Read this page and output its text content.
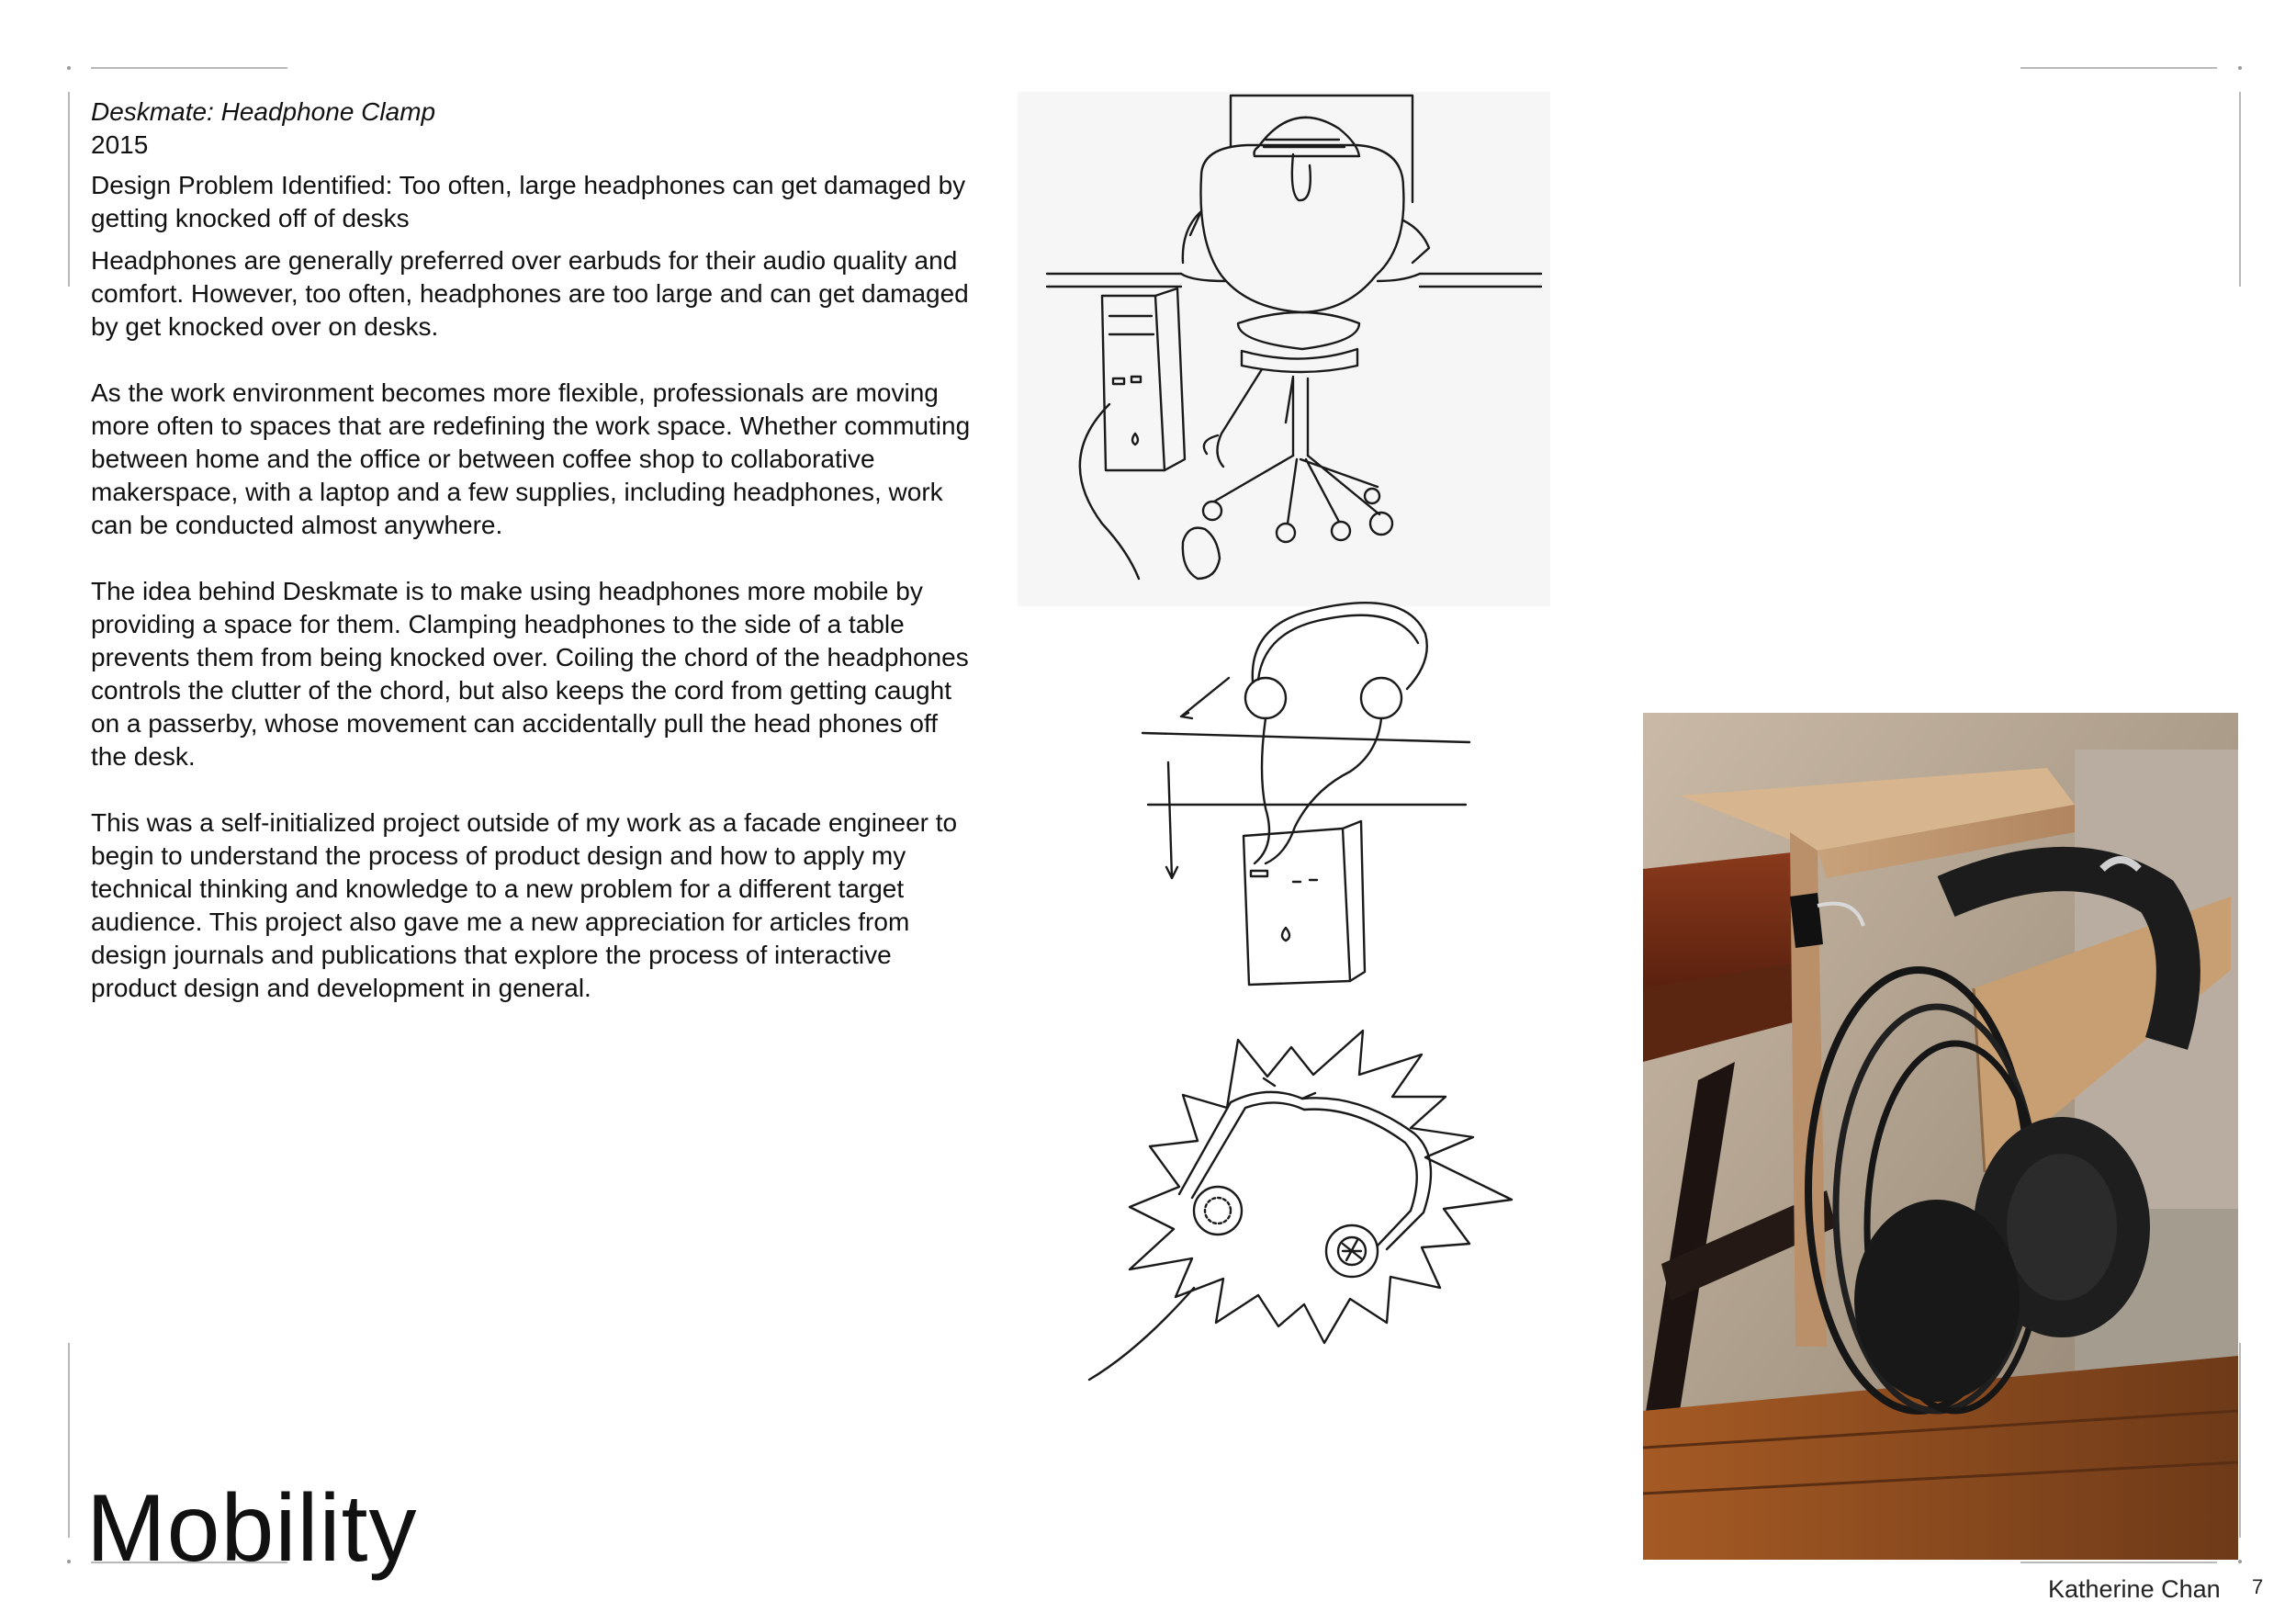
Deskmate: Headphone Clamp

2015

Design Problem Identified: Too often, large headphones can get damaged by getting knocked off of desks

Headphones are generally preferred over earbuds for their audio quality and comfort. However, too often, headphones are too large and can get damaged by get knocked over on desks.

As the work environment becomes more flexible, professionals are moving more often to spaces that are redefining the work space. Whether commuting between home and the office or between coffee shop to collaborative makerspace, with a laptop and a few supplies, including headphones, work can be conducted almost anywhere.

The idea behind Deskmate is to make using headphones more mobile by providing a space for them. Clamping headphones to the side of a table prevents them from being knocked over. Coiling the chord of the headphones controls the clutter of the chord, but also keeps the cord from getting caught on a passerby, whose movement can accidentally pull the head phones off the desk.

This was a self-initialized project outside of my work as a facade engineer to begin to understand the process of product design and how to apply my technical thinking and knowledge to a new problem for a different target audience. This project also gave me a new appreciation for articles from design journals and publications that explore the process of interactive product design and development in general.

Mobility
Katherine Chan 7
